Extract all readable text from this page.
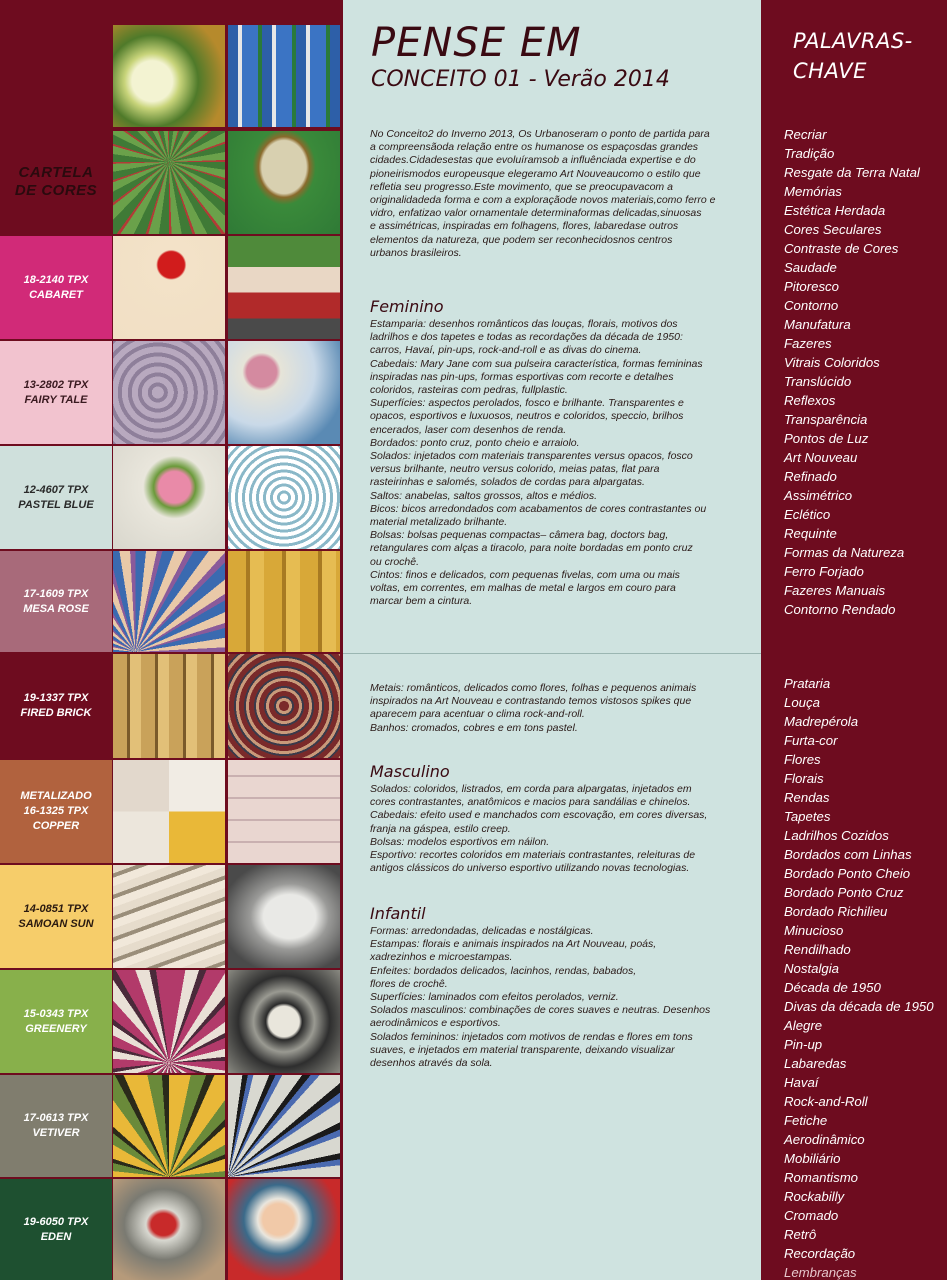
CARTELA
DE CORES
18-2140 TPX
CABARET
13-2802 TPX
FAIRY TALE
12-4607 TPX
PASTEL BLUE
17-1609 TPX
MESA ROSE
19-1337 TPX
FIRED BRICK
METALIZADO
16-1325 TPX
COPPER
14-0851 TPX
SAMOAN SUN
15-0343 TPX
GREENERY
17-0613 TPX
VETIVER
19-6050 TPX
EDEN
PENSE EM
CONCEITO 01 - Verão 2014
No Conceito2 do Inverno 2013, Os Urbanoseram o ponto de partida para
a compreensãoda relação entre os humanose os espaçosdas grandes
cidades.Cidadesestas que evoluíramsob a influênciada expertise e do
pioneirismodos europeusque elegeramo Art Nouveaucomo o estilo que
refletia seu progresso.Este movimento, que se preocupavacom a
originalidadeda forma e com a exploraçãode novos materiais,como ferro e
vidro, enfatizao valor ornamentale determinaformas delicadas,sinuosas
e assimétricas, inspiradas em folhagens, flores, labaredase outros
elementos da natureza, que podem ser reconhecidosnos centros
urbanos brasileiros.
Feminino
Estamparia: desenhos românticos das louças, florais, motivos dos
ladrilhos e dos tapetes e todas as recordações da década de 1950:
carros, Havaí, pin-ups, rock-and-roll e as divas do cinema.
Cabedais: Mary Jane com sua pulseira característica, formas femininas
inspiradas nas pin-ups, formas esportivas com recorte e detalhes
coloridos, rasteiras com pedras, fullplastic.
Superfícies: aspectos perolados, fosco e brilhante. Transparentes e
opacos, esportivos e luxuosos, neutros e coloridos, speccio, brilhos
encerados, laser com desenhos de renda.
Bordados: ponto cruz, ponto cheio e arraiolo.
Solados: injetados com materiais transparentes versus opacos, fosco
versus brilhante, neutro versus colorido, meias patas, flat para
rasteirinhas e salomés, solados de cordas para alpargatas.
Saltos: anabelas, saltos grossos, altos e médios.
Bicos: bicos arredondados com acabamentos de cores contrastantes ou
material metalizado brilhante.
Bolsas: bolsas pequenas compactas– câmera bag, doctors bag,
retangulares com alças a tiracolo, para noite bordadas em ponto cruz
ou crochê.
Cintos: finos e delicados, com pequenas fivelas, com uma ou mais
voltas, em correntes, em malhas de metal e largos em couro para
marcar bem a cintura.
Metais: românticos, delicados como flores, folhas e pequenos animais
inspirados na Art Nouveau e contrastando temos vistosos spikes que
aparecem para acentuar o clima rock-and-roll.
Banhos: cromados, cobres e em tons pastel.
Masculino
Solados: coloridos, listrados, em corda para alpargatas, injetados em
cores contrastantes, anatômicos e macios para sandálias e chinelos.
Cabedais: efeito used e manchados com escovação, em cores diversas,
franja na gáspea, estilo creep.
Bolsas: modelos esportivos em náilon.
Esportivo: recortes coloridos em materiais contrastantes, releituras de
antigos clássicos do universo esportivo utilizando novas tecnologias.
Infantil
Formas: arredondadas, delicadas e nostálgicas.
Estampas: florais e animais inspirados na Art Nouveau, poás,
xadrezinhos e microestampas.
Enfeites: bordados delicados, lacinhos, rendas, babados,
flores de crochê.
Superfícies: laminados com efeitos perolados, verniz.
Solados masculinos: combinações de cores suaves e neutras. Desenhos
aerodinâmicos e esportivos.
Solados femininos: injetados com motivos de rendas e flores em tons
suaves, e injetados em material transparente, deixando visualizar
desenhos através da sola.
PALAVRAS-
CHAVE
Recriar
Tradição
Resgate da Terra Natal
Memórias
Estética Herdada
Cores Seculares
Contraste de Cores
Saudade
Pitoresco
Contorno
Manufatura
Fazeres
Vitrais Coloridos
Translúcido
Reflexos
Transparência
Pontos de Luz
Art Nouveau
Refinado
Assimétrico
Eclético
Requinte
Formas da Natureza
Ferro Forjado
Fazeres Manuais
Contorno Rendado
Prataria
Louça
Madrepérola
Furta-cor
Flores
Florais
Rendas
Tapetes
Ladrilhos Cozidos
Bordados com Linhas
Bordado Ponto Cheio
Bordado Ponto Cruz
Bordado Richilieu
Minucioso
Rendilhado
Nostalgia
Década de 1950
Divas da década de 1950
Alegre
Pin-up
Labaredas
Havaí
Rock-and-Roll
Fetiche
Aerodinâmico
Mobiliário
Romantismo
Rockabilly
Cromado
Retrô
Recordação
Lembranças
